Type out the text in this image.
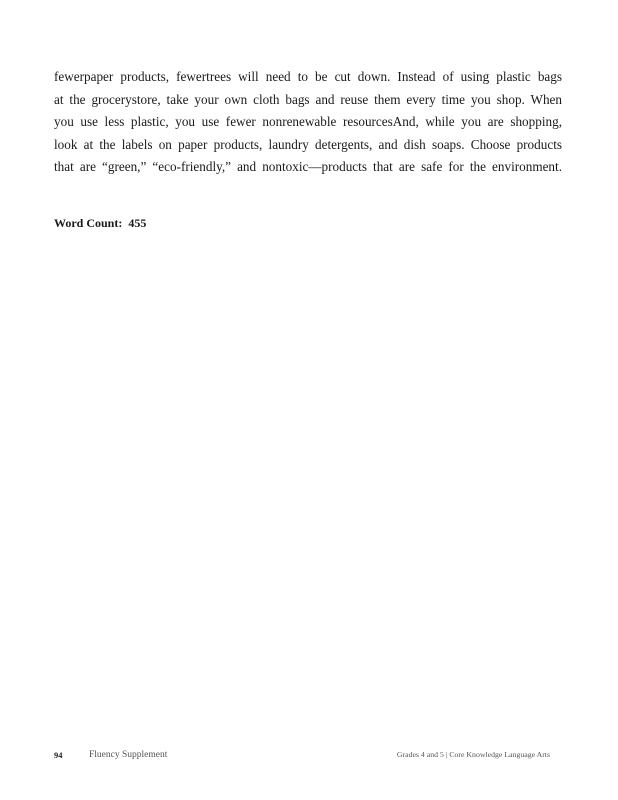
fewerpaper products, fewertrees will need to be cut down. Instead of using plastic bags
at the grocerystore, take your own cloth bags and reuse them every time you shop. When
you use less plastic, you use fewer nonrenewable resourcesAnd, while you are shopping,
look at the labels on paper products, laundry detergents, and dish soaps. Choose products
that are “green,” “eco-friendly,” and nontoxic—products that are safe for the environment.
Word Count: 455
94	Fluency Supplement	Grades 4 and 5 | Core Knowledge Language Arts
